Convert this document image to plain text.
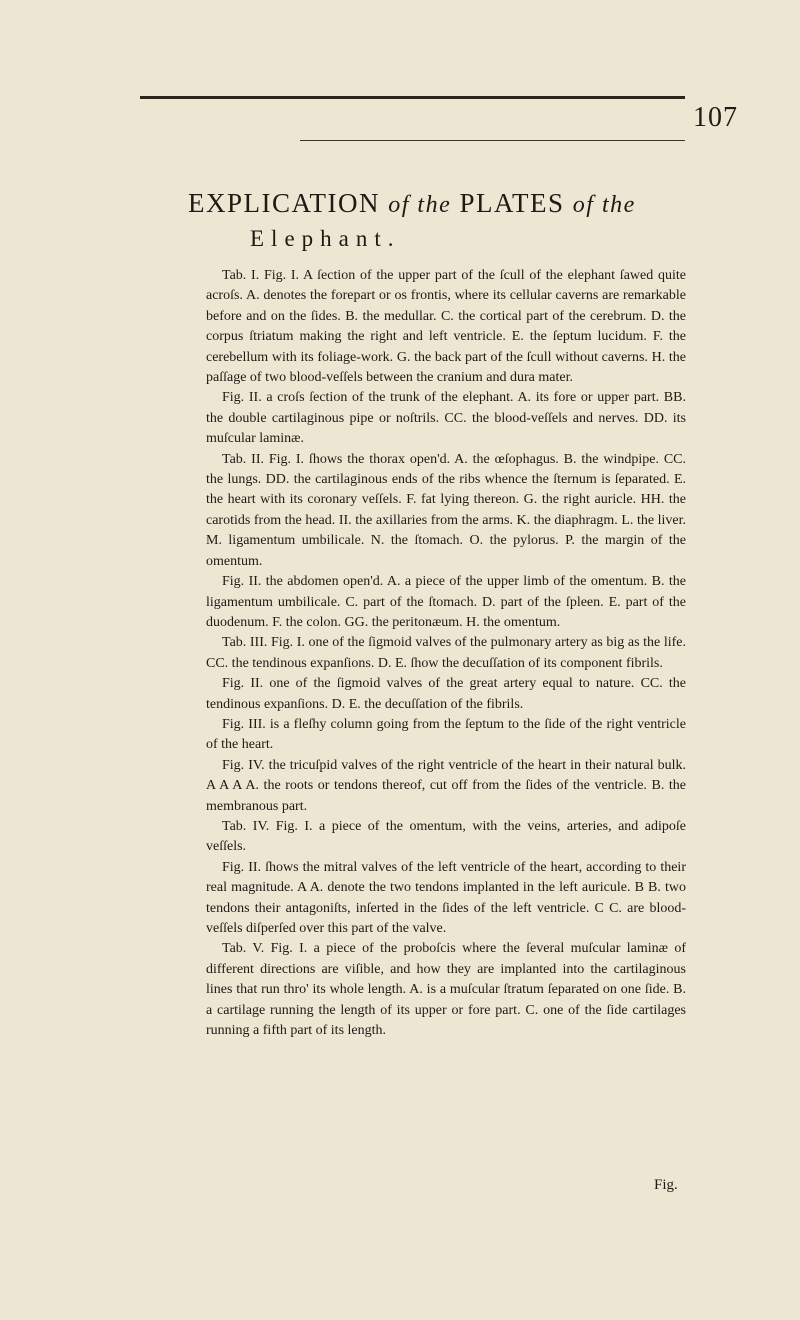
107
EXPLICATION of the PLATES of the
Elephant.

Tab. I. Fig. I. A ſection of the upper part of the ſcull of the elephant ſawed quite acroſs. A. denotes the forepart or os frontis, where its cellular caverns are remarkable before and on the ſides. B. the medullar. C. the cortical part of the cerebrum. D. the corpus ſtriatum making the right and left ventricle. E. the ſeptum lucidum. F. the cerebellum with its foliage-work. G. the back part of the ſcull without caverns. H. the paſſage of two blood-veſſels between the cranium and dura mater.

Fig. II. a croſs ſection of the trunk of the elephant. A. its fore or upper part. BB. the double cartilaginous pipe or noſtrils. CC. the blood-veſſels and nerves. DD. its muſcular laminæ.

Tab. II. Fig. I. ſhows the thorax open'd. A. the œſophagus. B. the windpipe. CC. the lungs. DD. the cartilaginous ends of the ribs whence the ſternum is ſeparated. E. the heart with its coronary veſſels. F. fat lying thereon. G. the right auricle. HH. the carotids from the head. II. the axillaries from the arms. K. the diaphragm. L. the liver. M. ligamentum umbilicale. N. the ſtomach. O. the pylorus. P. the margin of the omentum.

Fig. II. the abdomen open'd. A. a piece of the upper limb of the omentum. B. the ligamentum umbilicale. C. part of the ſtomach. D. part of the ſpleen. E. part of the duodenum. F. the colon. GG. the peritonæum. H. the omentum.

Tab. III. Fig. I. one of the ſigmoid valves of the pulmonary artery as big as the life. CC. the tendinous expanſions. D. E. ſhow the decuſſation of its component fibrils.

Fig. II. one of the ſigmoid valves of the great artery equal to nature. CC. the tendinous expanſions. D. E. the decuſſation of the fibrils.

Fig. III. is a fleſhy column going from the ſeptum to the ſide of the right ventricle of the heart.

Fig. IV. the tricuſpid valves of the right ventricle of the heart in their natural bulk. A A A A. the roots or tendons thereof, cut off from the ſides of the ventricle. B. the membranous part.

Tab. IV. Fig. I. a piece of the omentum, with the veins, arteries, and adipoſe veſſels.

Fig. II. ſhows the mitral valves of the left ventricle of the heart, according to their real magnitude. A A. denote the two tendons implanted in the left auricule. B B. two tendons their antagoniſts, inſerted in the ſides of the left ventricle. C C. are blood-veſſels diſperſed over this part of the valve.

Tab. V. Fig. I. a piece of the proboſcis where the ſeveral muſcular laminæ of different directions are viſible, and how they are implanted into the cartilaginous lines that run thro' its whole length. A. is a muſcular ſtratum ſeparated on one ſide. B. a cartilage running the length of its upper or fore part. C. one of the ſide cartilages running a fifth part of its length.

Fig.
